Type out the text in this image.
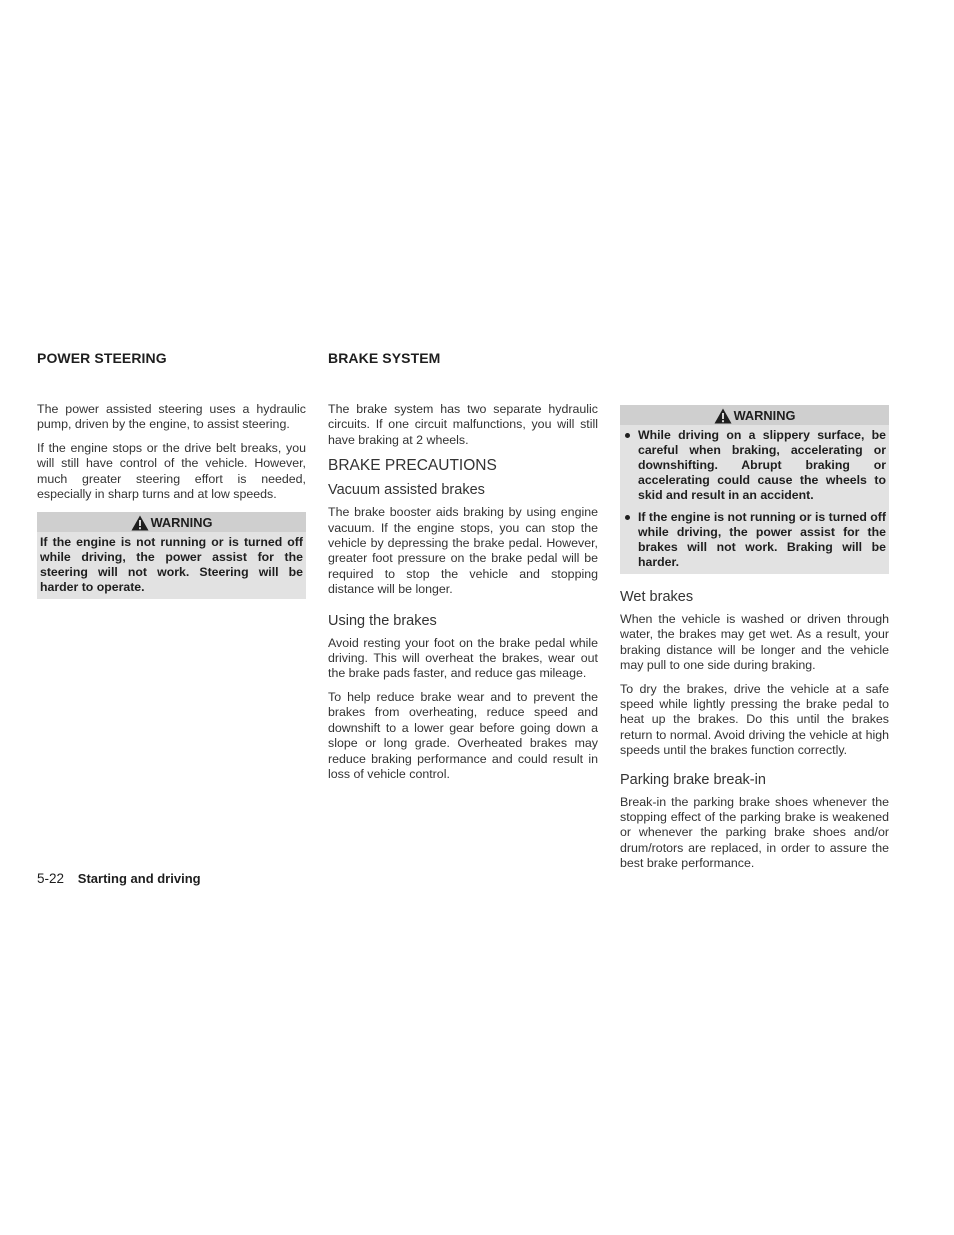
POWER STEERING

The power assisted steering uses a hydraulic pump, driven by the engine, to assist steering.

If the engine stops or the drive belt breaks, you will still have control of the vehicle. However, much greater steering effort is needed, especially in sharp turns and at low speeds.

WARNING
If the engine is not running or is turned off while driving, the power assist for the steering will not work. Steering will be harder to operate.
BRAKE SYSTEM

The brake system has two separate hydraulic circuits. If one circuit malfunctions, you will still have braking at 2 wheels.

BRAKE PRECAUTIONS
Vacuum assisted brakes

The brake booster aids braking by using engine vacuum. If the engine stops, you can stop the vehicle by depressing the brake pedal. However, greater foot pressure on the brake pedal will be required to stop the vehicle and stopping distance will be longer.

Using the brakes

Avoid resting your foot on the brake pedal while driving. This will overheat the brakes, wear out the brake pads faster, and reduce gas mileage.

To help reduce brake wear and to prevent the brakes from overheating, reduce speed and downshift to a lower gear before going down a slope or long grade. Overheated brakes may reduce braking performance and could result in loss of vehicle control.

WARNING
While driving on a slippery surface, be careful when braking, accelerating or downshifting. Abrupt braking or accelerating could cause the wheels to skid and result in an accident.
If the engine is not running or is turned off while driving, the power assist for the brakes will not work. Braking will be harder.
Wet brakes

When the vehicle is washed or driven through water, the brakes may get wet. As a result, your braking distance will be longer and the vehicle may pull to one side during braking.

To dry the brakes, drive the vehicle at a safe speed while lightly pressing the brake pedal to heat up the brakes. Do this until the brakes return to normal. Avoid driving the vehicle at high speeds until the brakes function correctly.

Parking brake break-in

Break-in the parking brake shoes whenever the stopping effect of the parking brake is weakened or whenever the parking brake shoes and/or drum/rotors are replaced, in order to assure the best brake performance.

5-22 Starting and driving
